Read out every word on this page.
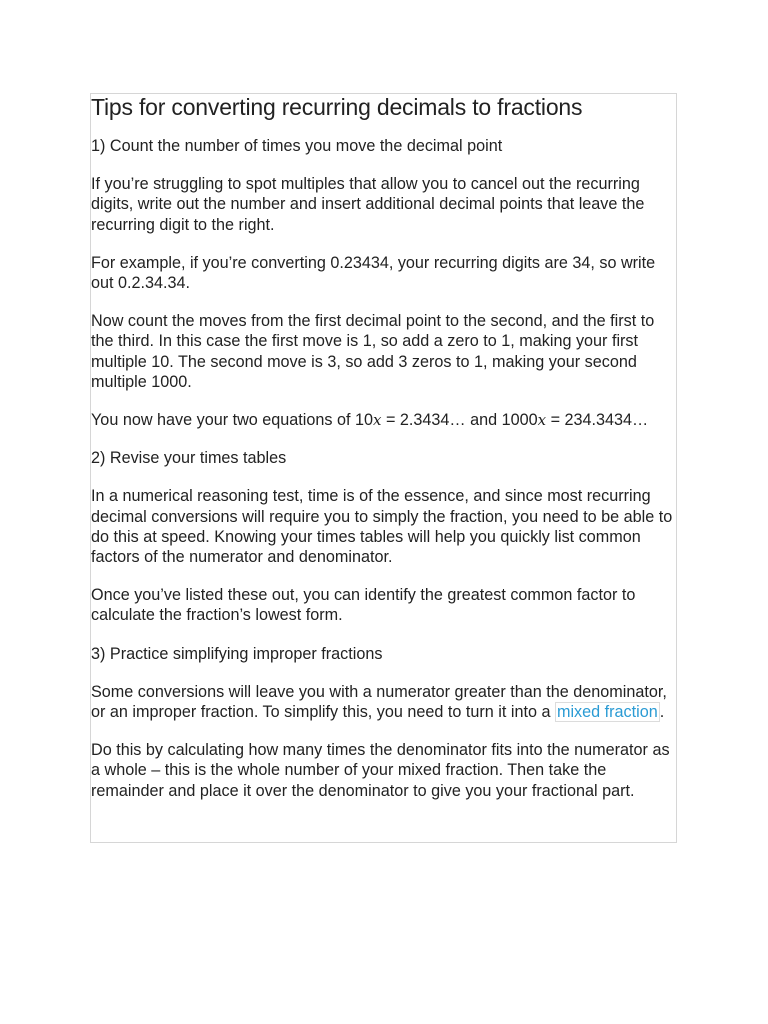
Tips for converting recurring decimals to fractions

1) Count the number of times you move the decimal point

If you’re struggling to spot multiples that allow you to cancel out the recurring digits, write out the number and insert additional decimal points that leave the recurring digit to the right.

For example, if you’re converting 0.23434, your recurring digits are 34, so write out 0.2.34.34.

Now count the moves from the first decimal point to the second, and the first to the third. In this case the first move is 1, so add a zero to 1, making your first multiple 10. The second move is 3, so add 3 zeros to 1, making your second multiple 1000.

You now have your two equations of 10𝑥 = 2.3434… and 1000𝑥 = 234.3434…

2) Revise your times tables

In a numerical reasoning test, time is of the essence, and since most recurring decimal conversions will require you to simply the fraction, you need to be able to do this at speed. Knowing your times tables will help you quickly list common factors of the numerator and denominator.

Once you’ve listed these out, you can identify the greatest common factor to calculate the fraction’s lowest form.

3) Practice simplifying improper fractions

Some conversions will leave you with a numerator greater than the denominator, or an improper fraction. To simplify this, you need to turn it into a mixed fraction .

Do this by calculating how many times the denominator fits into the numerator as a whole – this is the whole number of your mixed fraction. Then take the remainder and place it over the denominator to give you your fractional part.
